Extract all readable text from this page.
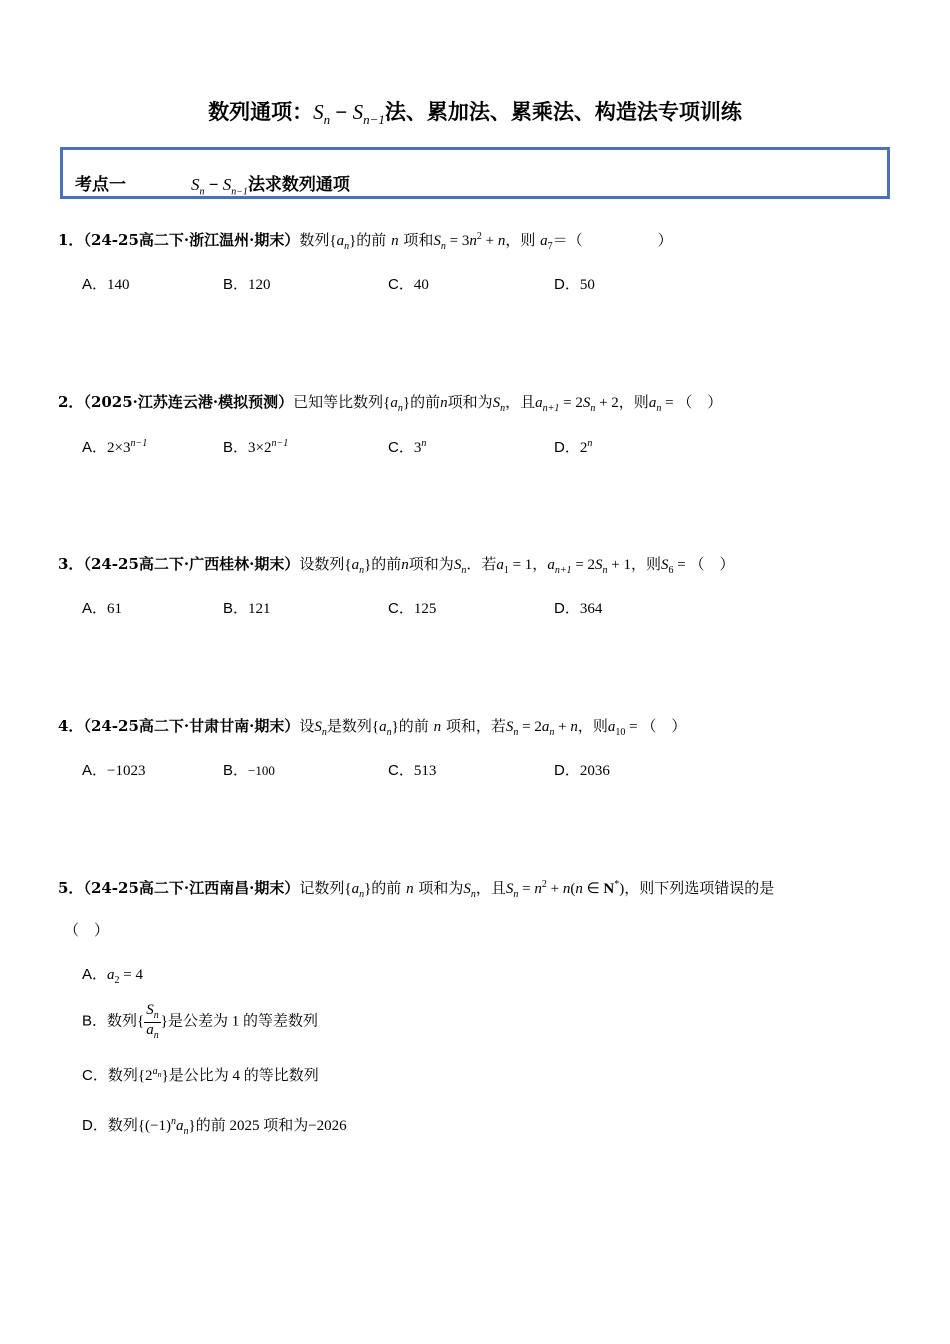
数列通项：$S_n - S_{n-1}$法、累加法、累乘法、构造法专项训练
考点一	$S_n - S_{n-1}$法求数列通项
1．（24-25高二下·浙江温州·期末）数列$\{a_n\}$的前 n 项和$S_n = 3n^2 + n$，则 $a_7=$（　　　　　）
A．140	B．120	C．40	D．50
2．（2025·江苏连云港·模拟预测）已知等比数列$\{a_n\}$的前n项和为$S_n$，且$a_{n+1} = 2S_n + 2$，则$a_n$ = （　）
A．$2\times 3^{n-1}$	B．$3\times 2^{n-1}$	C．3$^n$	D．2$^n$
3．（24-25高二下·广西桂林·期末）设数列$\{a_n\}$的前n项和为$S_n$．若$a_1 = 1$，$a_{n+1} = 2S_n + 1$，则$S_6$ = （　）
A．61	B．121	C．125	D．364
4．（24-25高二下·甘肃甘南·期末）设$S_n$是数列$\{a_n\}$的前 n 项和，若$S_n = 2a_n + n$，则$a_{10}$ = （　）
A．−1023	B．−100	C．513	D．2036
5．（24-25高二下·江西南昌·期末）记数列$\{a_n\}$的前 n 项和为$S_n$，且$S_n = n^2 + n(n$ ∈ N*)，则下列选项错误的是
（　）
A．$a_2 = 4$
B．数列{ $\frac{S_n}{a_n}$ }是公差为 1 的等差数列
C．数列$\{2^{a_n}\}$是公比为 4 的等比数列
D．数列$\{(-1)^na_n\}$的前 2025 项和为−2026
